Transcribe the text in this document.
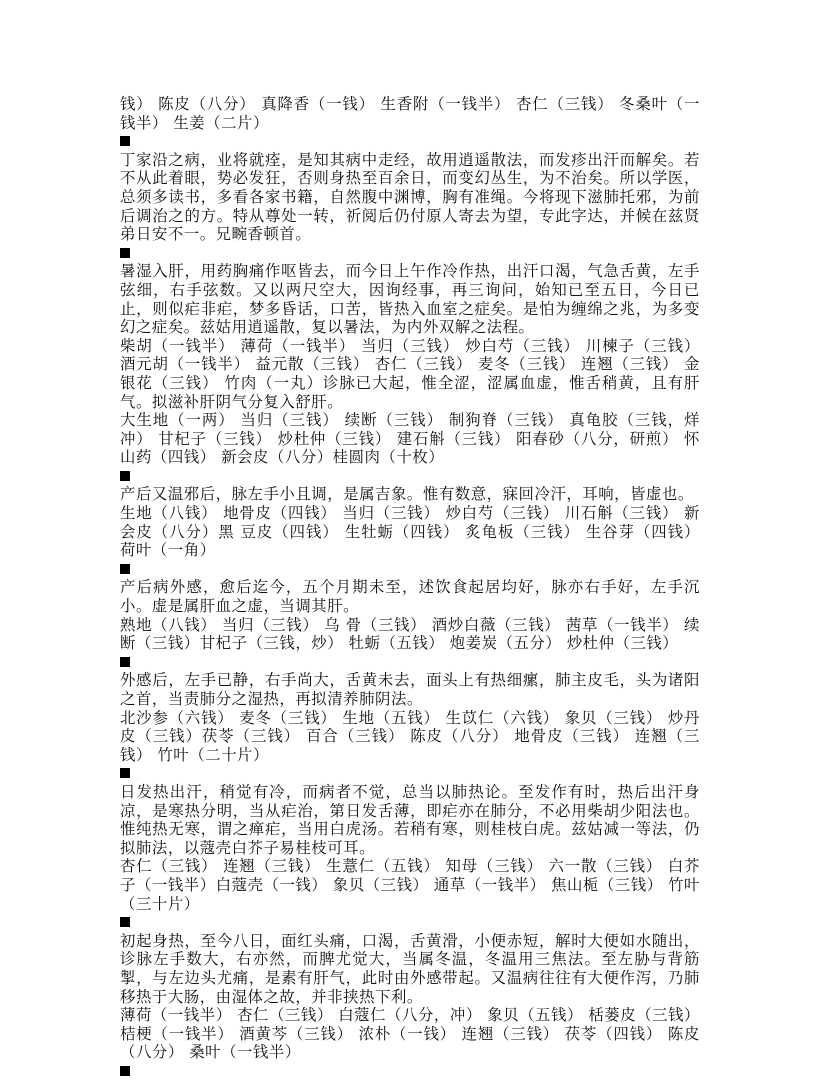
钱） 陈皮（八分） 真降香（一钱） 生香附（一钱半） 杏仁（三钱） 冬桑叶（一钱半） 生姜（二片）

丁家沿之病，业将就痊，是知其病中走经，故用逍遥散法，而发疹出汗而解矣。若不从此着眼，势必发狂，否则身热至百余日，而变幻丛生，为不治矣。所以学医，总须多读书，多看各家书籍，自然腹中渊博，胸有准绳。今将现下滋肺托邪，为前后调治之的方。特从尊处一转，祈阅后仍付原人寄去为望，专此字达，并候在兹贤弟日安不一。兄畹香顿首。

暑湿入肝，用药胸痛作呕皆去，而今日上午作冷作热，出汗口渴，气急舌黄，左手弦细，右手弦数。又以两尺空大，因询经事，再三询问，始知已至五日，今日已止，则似疟非疟，梦多昏话，口苦，皆热入血室之症矣。是怕为缠绵之兆，为多变幻之症矣。兹姑用逍遥散，复以暑法，为内外双解之法程。

柴胡（一钱半） 薄荷（一钱半） 当归（三钱） 炒白芍（三钱） 川楝子（三钱） 酒元胡（一钱半） 益元散（三钱） 杏仁（三钱） 麦冬（三钱） 连翘（三钱） 金银花（三钱） 竹肉（一丸）诊脉已大起，惟全涩，涩属血虚，惟舌稍黄，且有肝气。拟滋补肝阴气分复入舒肝。

大生地（一两） 当归（三钱） 续断（三钱） 制狗脊（三钱） 真龟胶（三钱，烊冲） 甘杞子（三钱） 炒杜仲（三钱） 建石斛（三钱） 阳春砂（八分，研煎） 怀山药（四钱） 新会皮（八分）桂圆肉（十枚）

产后又温邪后，脉左手小且调，是属吉象。惟有数意，寐回冷汗，耳响，皆虚也。

生地（八钱） 地骨皮（四钱） 当归（三钱） 炒白芍（三钱） 川石斛（三钱） 新会皮（八分）黑 豆皮（四钱） 生牡蛎（四钱） 炙龟板（三钱） 生谷芽（四钱） 荷叶（一角）

产后病外感，愈后迄今，五个月期未至，述饮食起居均好，脉亦右手好，左手沉小。虚是属肝血之虚，当调其肝。

熟地（八钱） 当归（三钱） 乌 骨（三钱） 酒炒白薇（三钱） 茜草（一钱半） 续断（三钱）甘杞子（三钱，炒） 牡蛎（五钱） 炮姜炭（五分） 炒杜仲（三钱）

外感后，左手已静，右手尚大，舌黄未去，面头上有热细瘰，肺主皮毛，头为诸阳之首，当责肺分之湿热，再拟清养肺阴法。

北沙参（六钱） 麦冬（三钱） 生地（五钱） 生苡仁（六钱） 象贝（三钱） 炒丹皮（三钱）茯苓（三钱） 百合（三钱） 陈皮（八分） 地骨皮（三钱） 连翘（三钱） 竹叶（二十片）

日发热出汗，稍觉有冷，而病者不觉，总当以肺热论。至发作有时，热后出汗身凉，是寒热分明，当从疟治，第日发舌薄，即疟亦在肺分，不必用柴胡少阳法也。惟纯热无寒，谓之瘅疟，当用白虎汤。若稍有寒，则桂枝白虎。兹姑减一等法，仍拟肺法，以蔻壳白芥子易桂枝可耳。

杏仁（三钱） 连翘（三钱） 生薏仁（五钱） 知母（三钱） 六一散（三钱） 白芥子（一钱半）白蔻壳（一钱） 象贝（三钱） 通草（一钱半） 焦山栀（三钱） 竹叶（三十片）

初起身热，至今八日，面红头痛，口渴，舌黄滑，小便赤短，解时大便如水随出，诊脉左手数大，右亦然，而脾尤觉大，当属冬温，冬温用三焦法。至左胁与背筋掣，与左边头尤痛，是素有肝气，此时由外感带起。又温病往往有大便作泻，乃肺移热于大肠，由湿体之故，并非挟热下利。

薄荷（一钱半） 杏仁（三钱） 白蔻仁（八分，冲） 象贝（五钱） 栝蒌皮（三钱） 桔梗（一钱半） 酒黄芩（三钱） 浓朴（一钱） 连翘（三钱） 茯苓（四钱） 陈皮（八分） 桑叶（一钱半）
